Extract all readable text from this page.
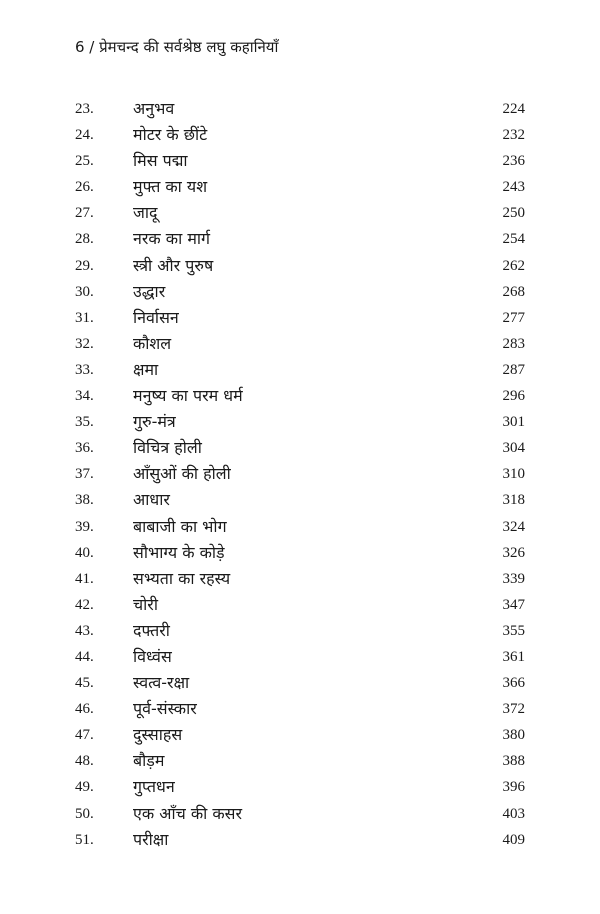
6 / प्रेमचन्द की सर्वश्रेष्ठ लघु कहानियाँ
23. अनुभव	224
24. मोटर के छींटे	232
25. मिस पद्मा	236
26. मुफ्त का यश	243
27. जादू	250
28. नरक का मार्ग	254
29. स्त्री और पुरुष	262
30. उद्धार	268
31. निर्वासन	277
32. कौशल	283
33. क्षमा	287
34. मनुष्य का परम धर्म	296
35. गुरु-मंत्र	301
36. विचित्र होली	304
37. आँसुओं की होली	310
38. आधार	318
39. बाबाजी का भोग	324
40. सौभाग्य के कोड़े	326
41. सभ्यता का रहस्य	339
42. चोरी	347
43. दफ्तरी	355
44. विध्वंस	361
45. स्वत्व-रक्षा	366
46. पूर्व-संस्कार	372
47. दुस्साहस	380
48. बौड़म	388
49. गुप्तधन	396
50. एक आँच की कसर	403
51. परीक्षा	409
